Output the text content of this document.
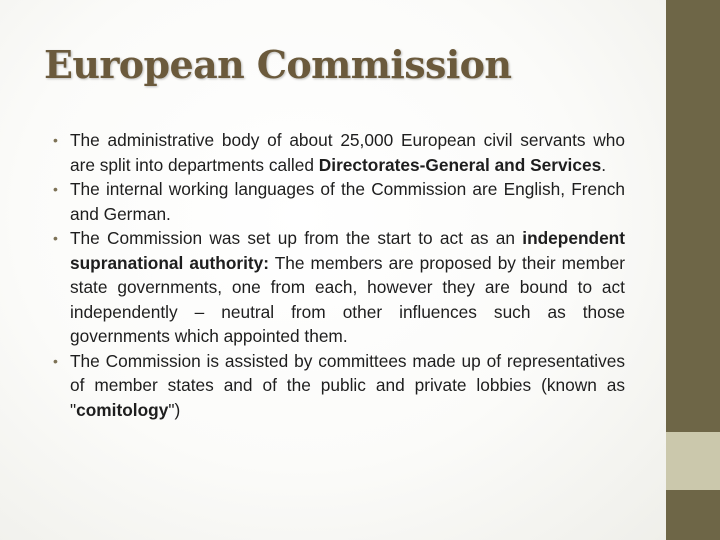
European Commission
• The administrative body of about 25,000 European civil servants who are split into departments called Directorates-General and Services.
• The internal working languages of the Commission are English, French and German.
• The Commission was set up from the start to act as an independent supranational authority: The members are proposed by their member state governments, one from each, however they are bound to act independently – neutral from other influences such as those governments which appointed them.
• The Commission is assisted by committees made up of representatives of member states and of the public and private lobbies (known as "comitology")
